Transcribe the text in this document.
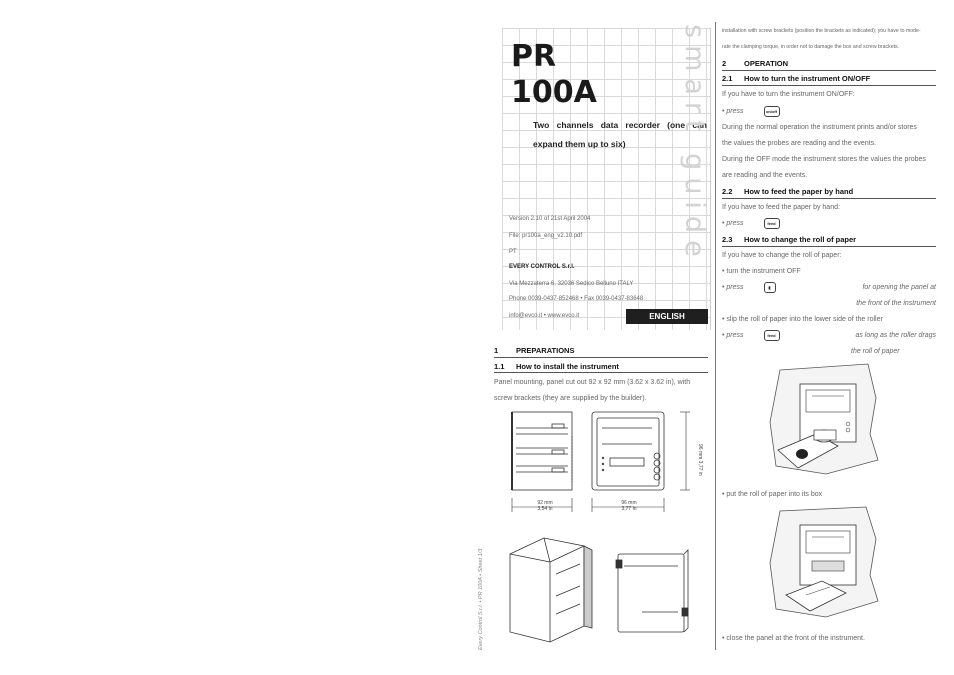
PR
100A
Two channels data recorder (one can expand them up to six)	smart guide
Version 2.10 of 21st April 2004
File: pr100a_eng_v2.10.pdf
PT
EVERY CONTROL S.r.l.
Via Mezzaterra 6, 32036 Sedico Belluno ITALY
Phone 0039-0437-852468 • Fax 0039-0437-83648
info@evco.it • www.evco.it	ENGLISH
Every Control S.r.l. • PR 100A • Sheet 1/3
1 PREPARATIONS
1.1 How to install the instrument
Panel mounting, panel cut out 92 x 92 mm (3.62 x 3.62 in), with
screw brackets (they are supplied by the builder).
92 mm
3,54 in
96 mm
3,77 in
96 mm 3,77 in
installation with screw brackets (position the brackets as indicated); you have to mode-
rate the clamping torque, in order not to damage the box and screw brackets.
2 OPERATION
2.1 How to turn the instrument ON/OFF
If you have to turn the instrument ON/OFF:
• press	on/off
During the normal operation the instrument prints and/or stores
the values the probes are reading and the events.
During the OFF mode the instrument stores the values the probes
are reading and the events.
2.2 How to feed the paper by hand
If you have to feed the paper by hand:
• press	feed
2.3 How to change the roll of paper
If you have to change the roll of paper:
• turn the instrument OFF
• press	▮	for opening the panel at
the front of the instrument
• slip the roll of paper into the lower side of the roller
• press	feed	as long as the roller drags
the roll of paper
• put the roll of paper into its box
• close the panel at the front of the instrument.
